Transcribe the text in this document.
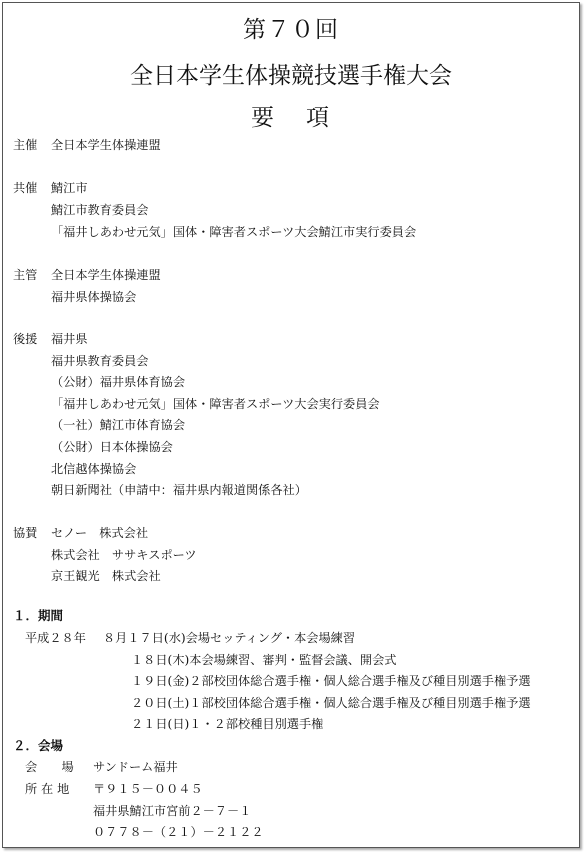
第７０回
全日本学生体操競技選手権大会
要 項
主催 全日本学生体操連盟
共催 鯖江市
鯖江市教育委員会
「福井しあわせ元気」国体・障害者スポーツ大会鯖江市実行委員会
主管 全日本学生体操連盟
福井県体操協会
後援 福井県
福井県教育委員会
（公財）福井県体育協会
「福井しあわせ元気」国体・障害者スポーツ大会実行委員会
（一社）鯖江市体育協会
（公財）日本体操協会
北信越体操協会
朝日新聞社（申請中：福井県内報道関係各社）
協賛 セノー　株式会社
株式会社　ササキスポーツ
京王観光　株式会社
１．期間
平成２８年 ８月１７日(水)会場セッティング・本会場練習
１８日(木)本会場練習、審判・監督会議、開会式
１９日(金)２部校団体総合選手権・個人総合選手権及び種目別選手権予選
２０日(土)１部校団体総合選手権・個人総合選手権及び種目別選手権予選
２１日(日)１・２部校種目別選手権
２．会場
会　　場 サンドーム福井
所 在 地 〒９１５－００４５
福井県鯖江市宮前２－７－１
０７７８－（２１）－２１２２
